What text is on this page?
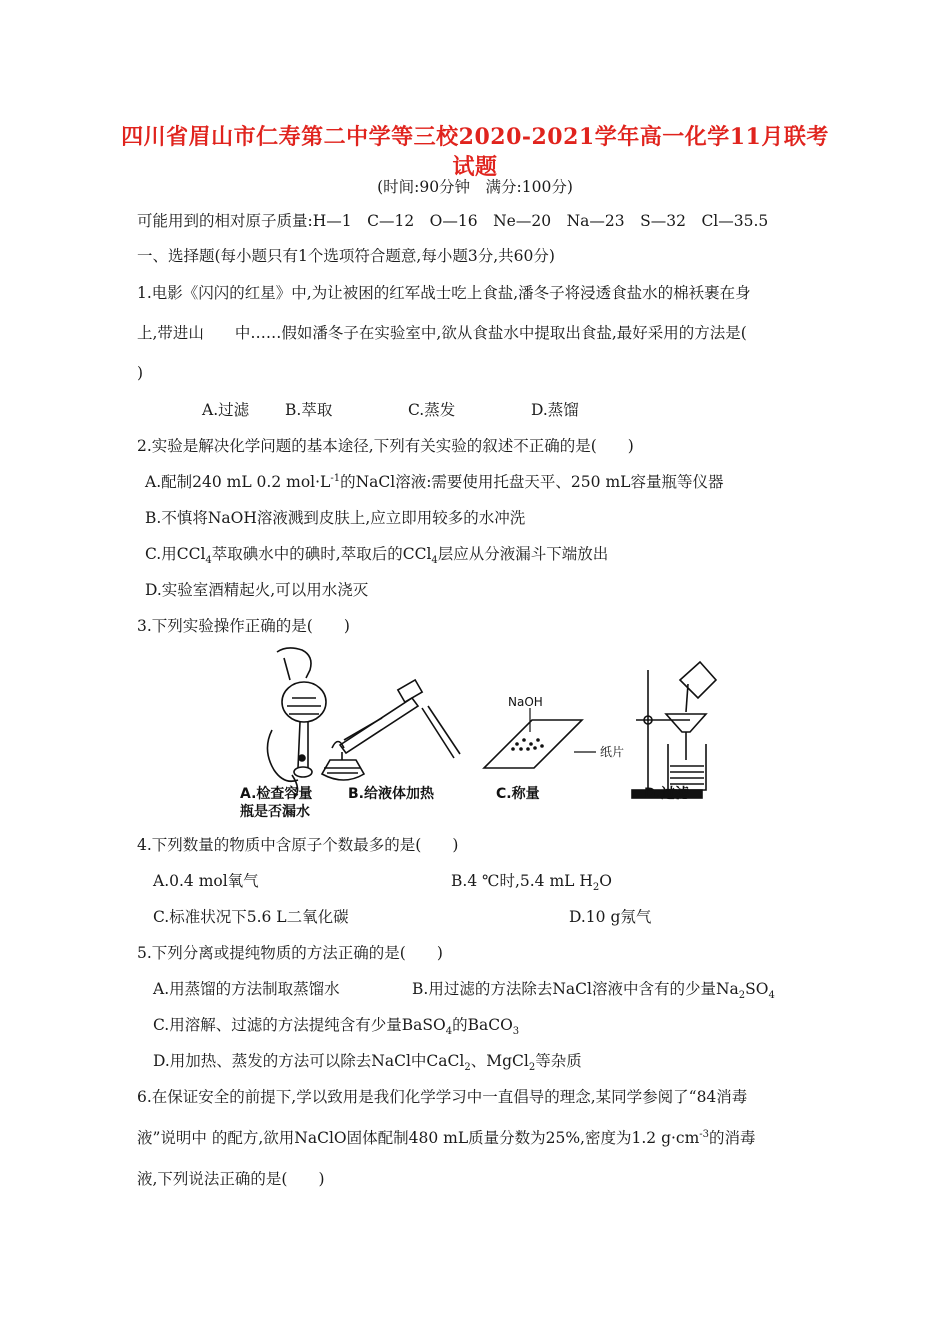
四川省眉山市仁寿第二中学等三校2020-2021学年高一化学11月联考
试题
(时间:90分钟　满分:100分)
可能用到的相对原子质量:H—1　C—12　O—16　Ne—20　Na—23　S—32　Cl—35.5
一、选择题(每小题只有1个选项符合题意,每小题3分,共60分)
1.电影《闪闪的红星》中,为让被困的红军战士吃上食盐,潘冬子将浸透食盐水的棉袄裹在身
上,带进山　　中……假如潘冬子在实验室中,欲从食盐水中提取出食盐,最好采用的方法是(
)
A.过滤 B.萃取	C.蒸发	D.蒸馏
2.实验是解决化学问题的基本途径,下列有关实验的叙述不正确的是(　　)
A.配制240 mL 0.2 $mol\cdot L^{-1}$的NaCl溶液:需要使用托盘天平、250 mL容量瓶等仪器
B.不慎将NaOH溶液溅到皮肤上,应立即用较多的水冲洗
C.用CCl$_4$萃取碘水中的碘时,萃取后的CCl$_4$层应从分液漏斗下端放出
D.实验室酒精起火,可以用水浇灭
3.下列实验操作正确的是(　　)
NaOH
纸片
A.检查容量
瓶是否漏水
B.给液体加热	C.称量	D.过滤
4.下列数量的物质中含原子个数最多的是(　　)
A.0.4 mol氧气	B.4 ℃时,5.4 mL $H_2O$
C.标准状况下5.6 L二氧化碳	D.10 g氖气
5.下列分离或提纯物质的方法正确的是(　　)
A.用蒸馏的方法制取蒸馏水	B.用过滤的方法除去NaCl溶液中含有的少量$Na_2SO_4$
C.用溶解、过滤的方法提纯含有少量BaSO$_4$的BaCO$_3$
D.用加热、蒸发的方法可以除去NaCl中CaCl$_2$、MgCl$_2$等杂质
6.在保证安全的前提下,学以致用是我们化学学习中一直倡导的理念,某同学参阅了“84消毒
液”说明中 的配方,欲用NaClO固体配制480 mL质量分数为25%,密度为1.2 $g\cdot cm^{-3}$的消毒
液,下列说法正确的是(　　)
